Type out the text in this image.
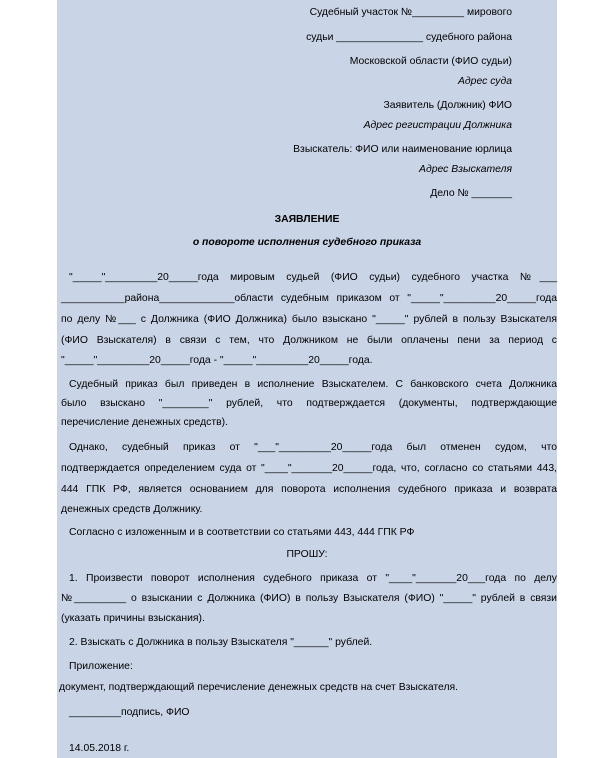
Судебный участок №_________ мирового

судьи _______________ судебного района

Московской области (ФИО судьи)

Адрес суда

Заявитель (Должник) ФИО

Адрес регистрации Должника

Взыскатель: ФИО или наименование юрлица

Адрес Взыскателя

Дело № _______

ЗАЯВЛЕНИЕ

о повороте исполнения судебного приказа

"_____"_________20_____года мировым судьей (ФИО судьи) судебного участка №___

___________района_____________области судебным приказом от "_____"_________20_____года

по делу №___ с Должника (ФИО Должника) было взыскано "_____" рублей в пользу Взыскателя

(ФИО Взыскателя) в связи с тем, что Должником не были оплачены пени за период с

"_____"_________20_____года - "_____"_________20_____года.

Судебный приказ был приведен в исполнение Взыскателем. С банковского счета Должника

было взыскано "________" рублей, что подтверждается (документы, подтверждающие

перечисление денежных средств).

Однако, судебный приказ от "___"_________20_____года был отменен судом, что

подтверждается определением суда от "____"_______20_____года, что, согласно со статьями 443,

444 ГПК РФ, является основанием для поворота исполнения судебного приказа и возврата

денежных средств Должнику.

Согласно с изложенным и в соответствии со статьями 443, 444 ГПК РФ

ПРОШУ:

1. Произвести поворот исполнения судебного приказа от "____"_______20___года по делу

№_________ о взыскании с Должника (ФИО) в пользу Взыскателя (ФИО) "_____" рублей в связи

(указать причины взыскания).

2. Взыскать с Должника в пользу Взыскателя "______" рублей.

Приложение:

документ, подтверждающий перечисление денежных средств на счет Взыскателя.

_________подпись, ФИО

14.05.2018 г.
